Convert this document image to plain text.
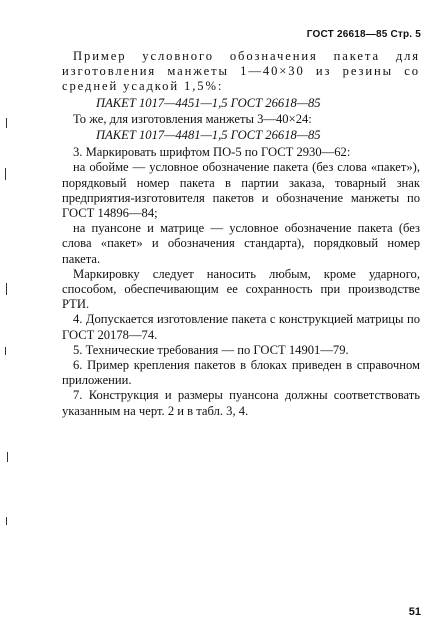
ГОСТ 26618—85 Стр. 5

Пример условного обозначения пакета для изготовления манжеты 1—40×30 из резины со средней усадкой 1,5%:

ПАКЕТ 1017—4451—1,5 ГОСТ 26618—85

То же, для изготовления манжеты 3—40×24:

ПАКЕТ 1017—4481—1,5 ГОСТ 26618—85

3. Маркировать шрифтом ПО-5 по ГОСТ 2930—62:

на обойме — условное обозначение пакета (без слова «пакет»), порядковый номер пакета в партии заказа, товарный знак предприятия-изготовителя пакетов и обозначение манжеты по ГОСТ 14896—84;

на пуансоне и матрице — условное обозначение пакета (без слова «пакет» и обозначения стандарта), порядковый номер пакета.

Маркировку следует наносить любым, кроме ударного, способом, обеспечивающим ее сохранность при производстве РТИ.

4. Допускается изготовление пакета с конструкцией матрицы по ГОСТ 20178—74.

5. Технические требования — по ГОСТ 14901—79.

6. Пример крепления пакетов в блоках приведен в справочном приложении.

7. Конструкция и размеры пуансона должны соответствовать указанным на черт. 2 и в табл. 3, 4.

51
